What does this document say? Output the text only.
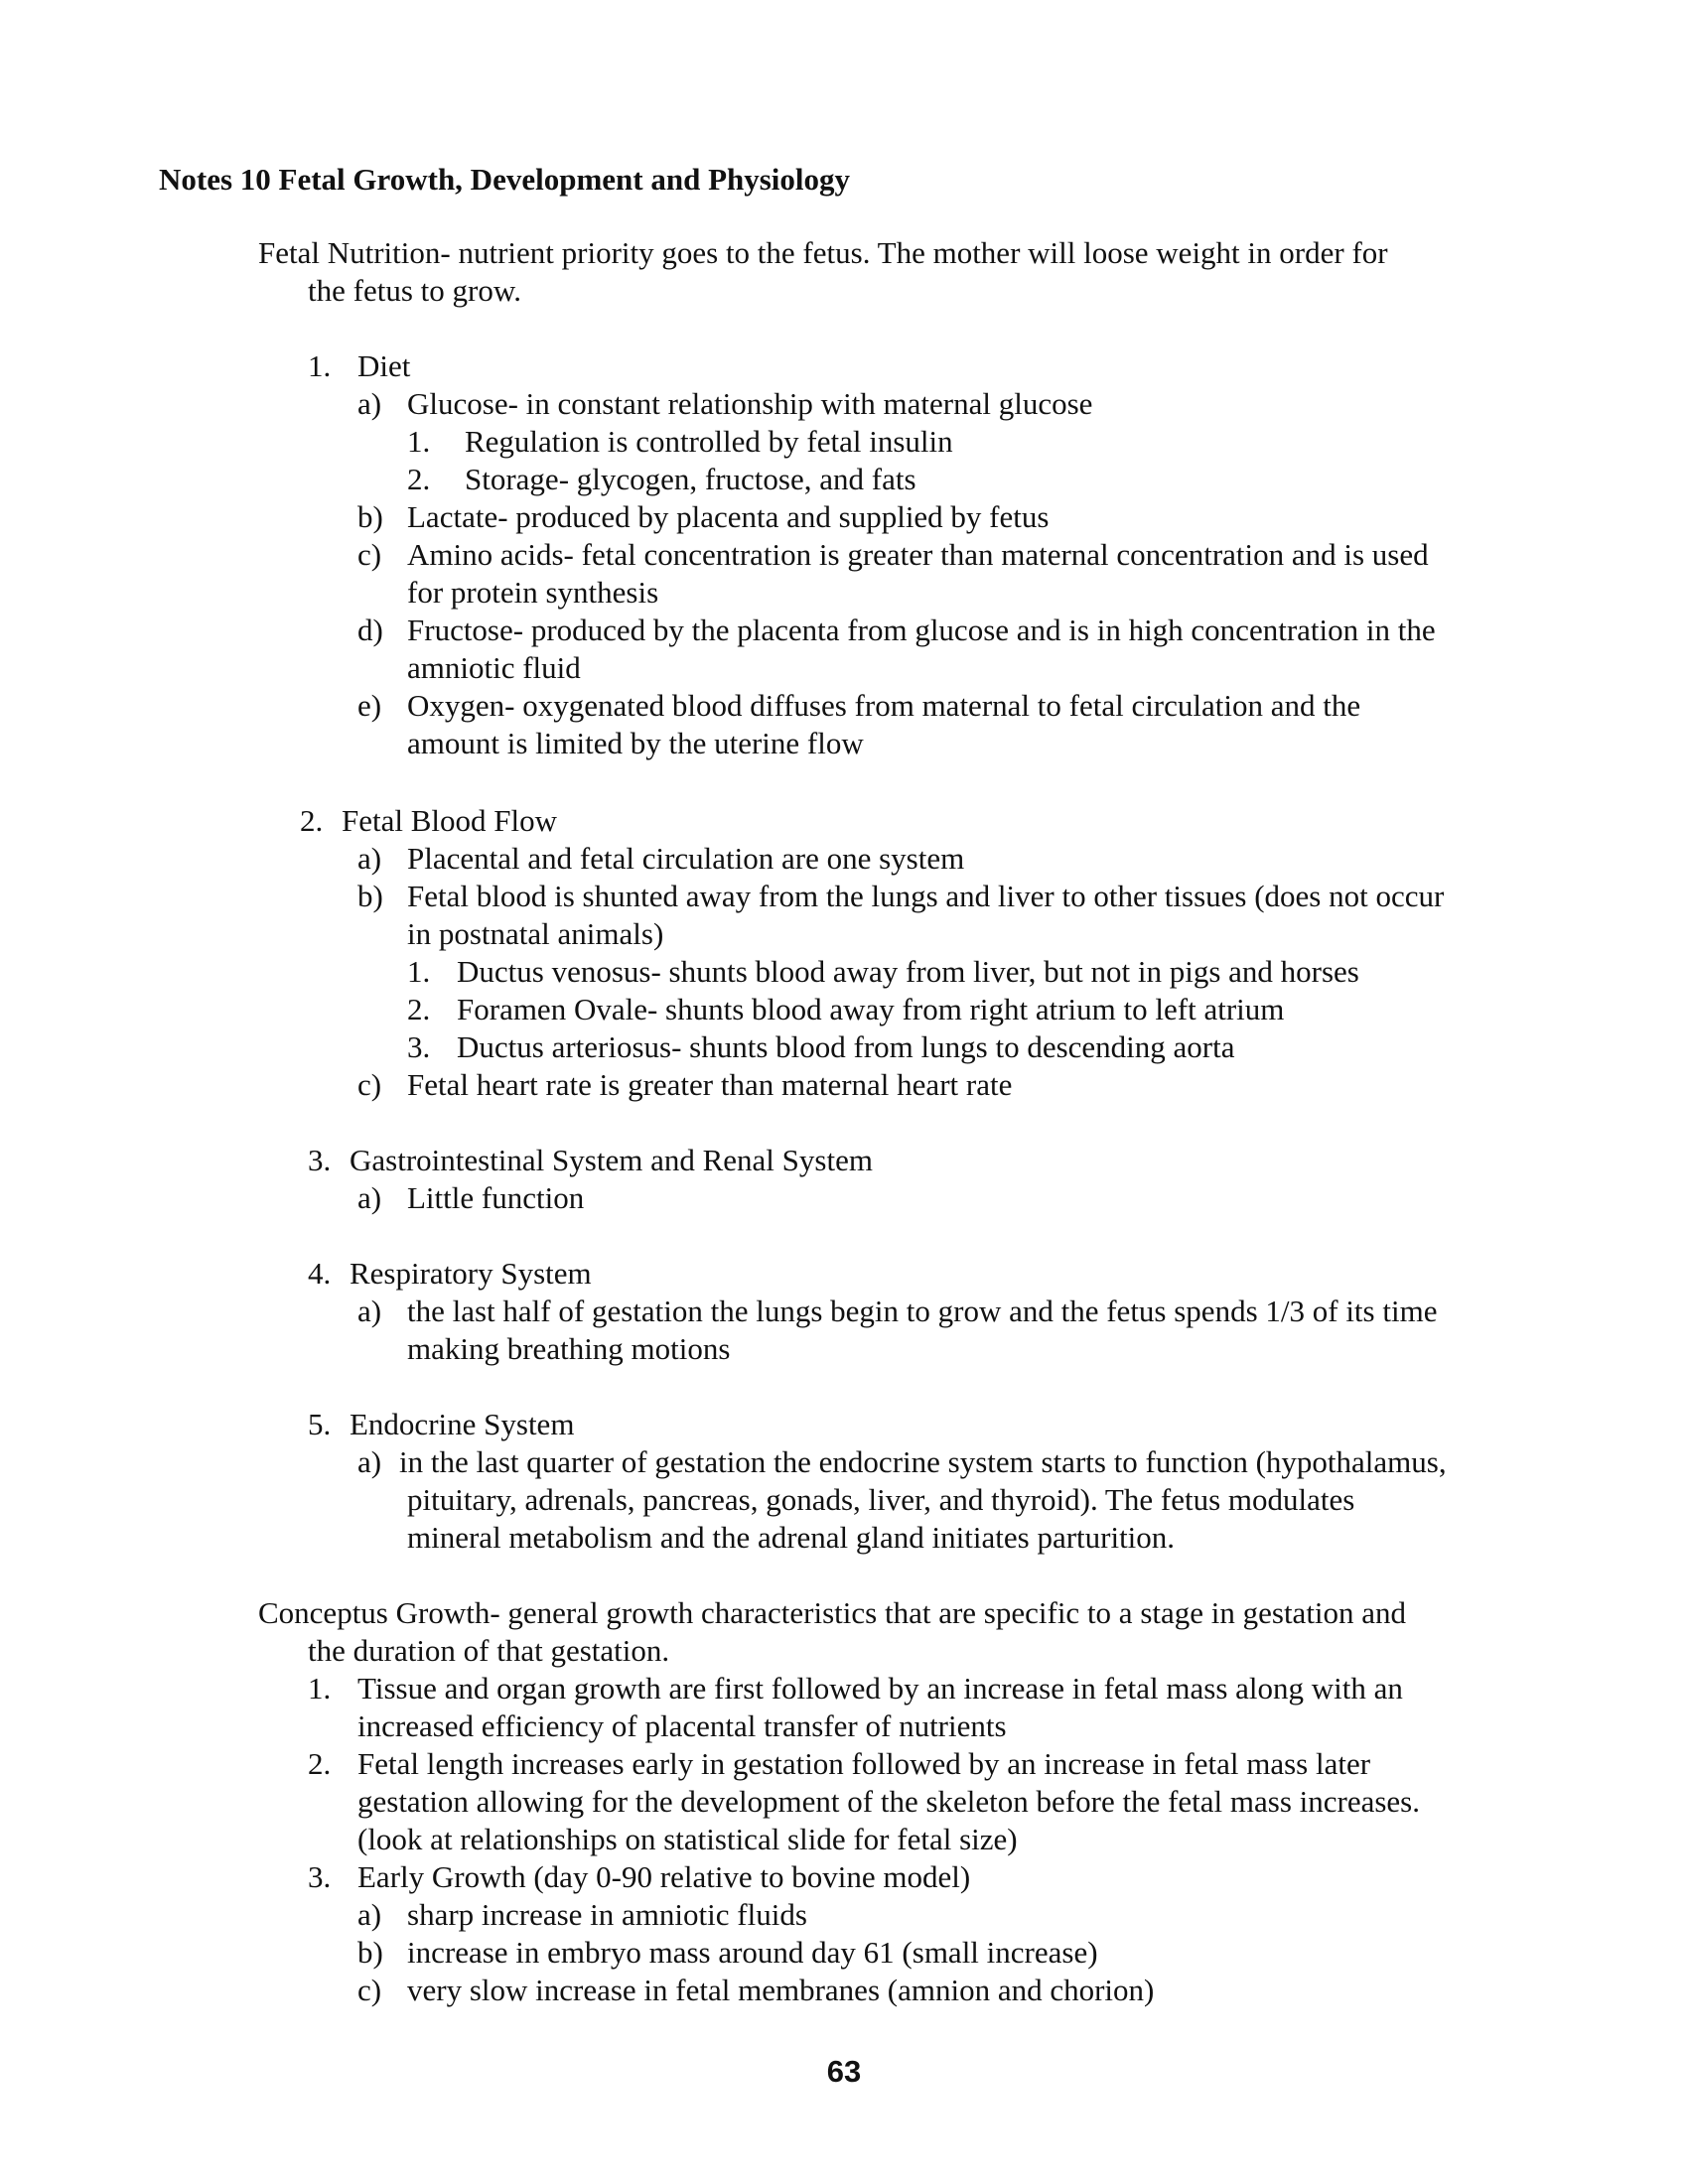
Notes 10 Fetal Growth, Development and Physiology
Fetal Nutrition- nutrient priority goes to the fetus. The mother will loose weight in order for
the fetus to grow.
1. Diet
a) Glucose- in constant relationship with maternal glucose
1. Regulation is controlled by fetal insulin
2. Storage- glycogen, fructose, and fats
b) Lactate- produced by placenta and supplied by fetus
c) Amino acids- fetal concentration is greater than maternal concentration and is used
for protein synthesis
d) Fructose- produced by the placenta from glucose and is in high concentration in the
amniotic fluid
e) Oxygen- oxygenated blood diffuses from maternal to fetal circulation and the
amount is limited by the uterine flow
2. Fetal Blood Flow
a) Placental and fetal circulation are one system
b) Fetal blood is shunted away from the lungs and liver to other tissues (does not occur
in postnatal animals)
1. Ductus venosus- shunts blood away from liver, but not in pigs and horses
2. Foramen Ovale- shunts blood away from right atrium to left atrium
3. Ductus arteriosus- shunts blood from lungs to descending aorta
c) Fetal heart rate is greater than maternal heart rate
3. Gastrointestinal System and Renal System
a) Little function
4. Respiratory System
a) the last half of gestation the lungs begin to grow and the fetus spends 1/3 of its time
making breathing motions
5. Endocrine System
a) in the last quarter of gestation the endocrine system starts to function (hypothalamus,
pituitary, adrenals, pancreas, gonads, liver, and thyroid). The fetus modulates
mineral metabolism and the adrenal gland initiates parturition.
Conceptus Growth- general growth characteristics that are specific to a stage in gestation and
the duration of that gestation.
1. Tissue and organ growth are first followed by an increase in fetal mass along with an
increased efficiency of placental transfer of nutrients
2. Fetal length increases early in gestation followed by an increase in fetal mass later
gestation allowing for the development of the skeleton before the fetal mass increases.
(look at relationships on statistical slide for fetal size)
3. Early Growth (day 0-90 relative to bovine model)
a) sharp increase in amniotic fluids
b) increase in embryo mass around day 61 (small increase)
c) very slow increase in fetal membranes (amnion and chorion)
63
